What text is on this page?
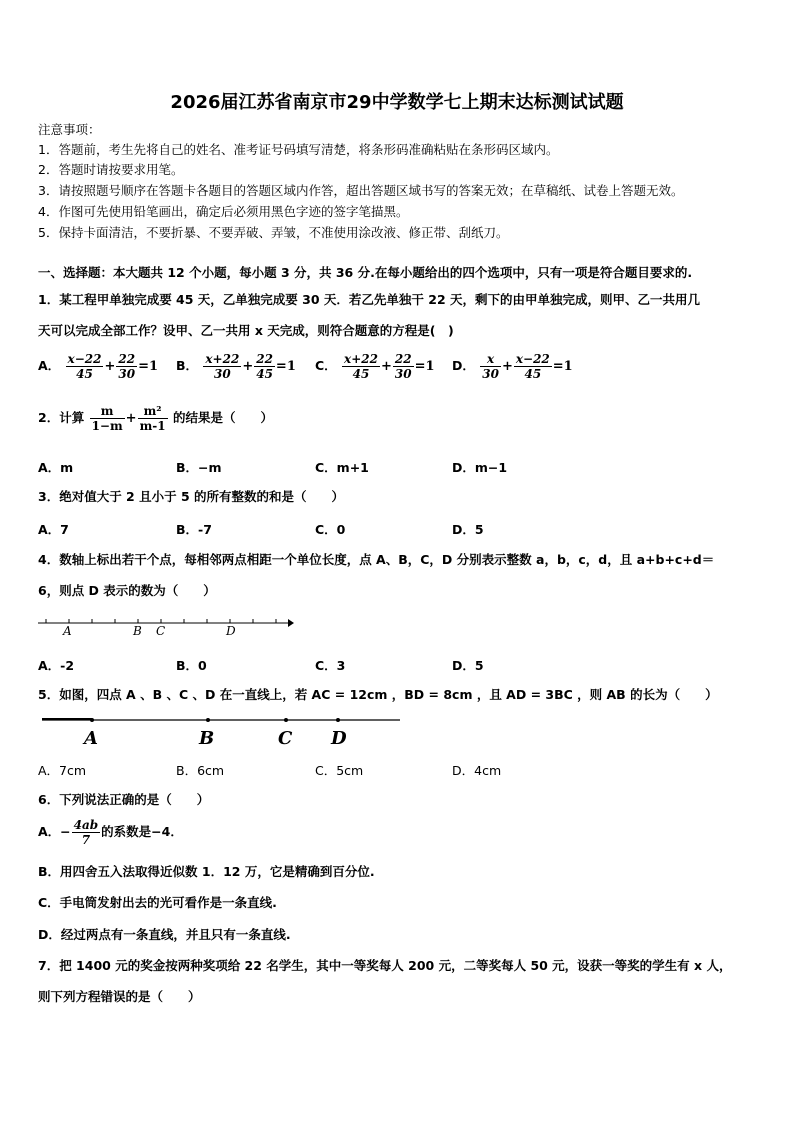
2026届江苏省南京市29中学数学七上期末达标测试试题
注意事项：
1．答题前，考生先将自己的姓名、准考证号码填写清楚，将条形码准确粘贴在条形码区域内。
2．答题时请按要求用笔。
3．请按照题号顺序在答题卡各题目的答题区域内作答，超出答题区域书写的答案无效；在草稿纸、试卷上答题无效。
4．作图可先使用铅笔画出，确定后必须用黑色字迹的签字笔描黑。
5．保持卡面清洁，不要折暴、不要弄破、弄皱，不准使用涂改液、修正带、刮纸刀。
一、选择题：本大题共 12 个小题，每小题 3 分，共 36 分.在每小题给出的四个选项中，只有一项是符合题目要求的.
1．某工程甲单独完成要 45 天，乙单独完成要 30 天．若乙先单独干 22 天，剩下的由甲单独完成，则甲、乙一共用几
天可以完成全部工作？设甲、乙一共用 x 天完成，则符合题意的方程是(　)
A． $\frac{x-22}{45} + \frac{22}{30} =1$ B． $\frac{x+22}{30} + \frac{22}{45} =1$ C． $\frac{x+22}{45} + \frac{22}{30} =1$ D． $\frac{x}{30} + \frac{x-22}{45} =1$
2．计算 $\frac{m}{1-m} + \frac{\text{m²}}{m-1}$ 的结果是（　　）
A．m	B．−m	C．m+1	D．m−1
3．绝对值大于 2 且小于 5 的所有整数的和是（　　）
A．7	B．-7	C．0	D．5
4．数轴上标出若干个点，每相邻两点相距一个单位长度，点 A、B，C，D 分别表示整数 a，b，c，d，且 a+b+c+d＝
6，则点 D 表示的数为（　　）
A	B C	D
A．-2	B．0	C．3	D．5
5．如图，四点 A 、B 、C 、D 在一直线上，若 AC = 12cm ，BD = 8cm ，且 AD = 3BC ，则 AB 的长为（　　）
A	B	C D
A．7cm	B．6cm	C．5cm	D．4cm
6．下列说法正确的是（　　）
A．− $\frac{4ab}{7}$ 的系数是−4．
B．用四舍五入法取得近似数 1．12 万，它是精确到百分位.
C．手电筒发射出去的光可看作是一条直线.
D．经过两点有一条直线，并且只有一条直线.
7．把 1400 元的奖金按两种奖项给 22 名学生，其中一等奖每人 200 元，二等奖每人 50 元，设获一等奖的学生有 x 人，
则下列方程错误的是（　　）
